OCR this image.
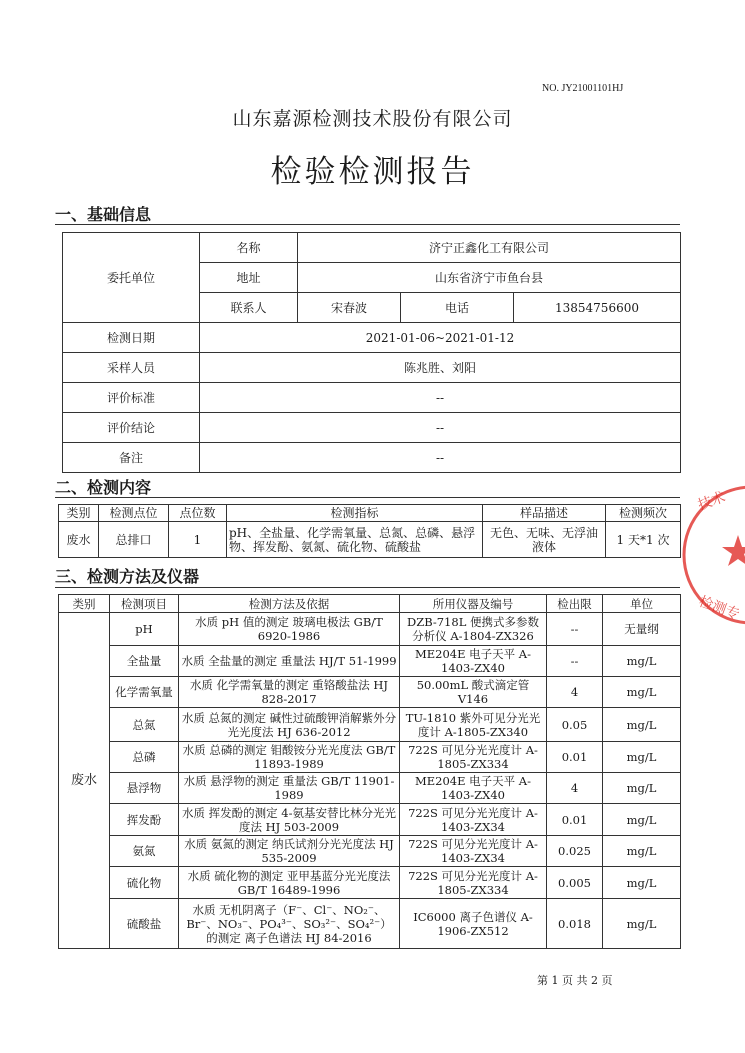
NO. JY21001101HJ
山东嘉源检测技术股份有限公司
检验检测报告
一、基础信息
委托单位	名称	济宁正鑫化工有限公司		
	地址	山东省济宁市鱼台县		
	联系人	宋春波	电话	13854756600
检测日期	2021-01-06~2021-01-12			
采样人员	陈兆胜、刘阳			
评价标准	--			
评价结论	--			
备注	--			
二、检测内容
类别	检测点位	点位数	检测指标	样品描述	检测频次
废水	总排口	1	pH、全盐量、化学需氧量、总氮、总磷、悬浮物、挥发酚、氨氮、硫化物、硫酸盐	无色、无味、无浮油液体	1 天*1 次
三、检测方法及仪器
类别	检测项目	检测方法及依据	所用仪器及编号	检出限	单位
废水	pH	水质 pH 值的测定 玻璃电极法 GB/T 6920-1986	DZB-718L 便携式多参数分析仪 A-1804-ZX326	--	无量纲
	全盐量	水质 全盐量的测定 重量法 HJ/T 51-1999	ME204E 电子天平 A-1403-ZX40	--	mg/L
	化学需氧量	水质 化学需氧量的测定 重铬酸盐法 HJ 828-2017	50.00mL 酸式滴定管 V146	4	mg/L
	总氮	水质 总氮的测定 碱性过硫酸钾消解紫外分光光度法 HJ 636-2012	TU-1810 紫外可见分光光度计 A-1805-ZX340	0.05	mg/L
	总磷	水质 总磷的测定 钼酸铵分光光度法 GB/T 11893-1989	722S 可见分光光度计 A-1805-ZX334	0.01	mg/L
	悬浮物	水质 悬浮物的测定 重量法 GB/T 11901-1989	ME204E 电子天平 A-1403-ZX40	4	mg/L
	挥发酚	水质 挥发酚的测定 4-氨基安替比林分光光度法 HJ 503-2009	722S 可见分光光度计 A-1403-ZX34	0.01	mg/L
	氨氮	水质 氨氮的测定 纳氏试剂分光光度法 HJ 535-2009	722S 可见分光光度计 A-1403-ZX34	0.025	mg/L
	硫化物	水质 硫化物的测定 亚甲基蓝分光光度法 GB/T 16489-1996	722S 可见分光光度计 A-1805-ZX334	0.005	mg/L
	硫酸盐	水质 无机阴离子（F⁻、Cl⁻、NO₂⁻、Br⁻、NO₃⁻、PO₄³⁻、SO₃²⁻、SO₄²⁻）的测定 离子色谱法 HJ 84-2016	IC6000 离子色谱仪 A-1906-ZX512	0.018	mg/L
第 1 页 共 2 页
技术
检测专
